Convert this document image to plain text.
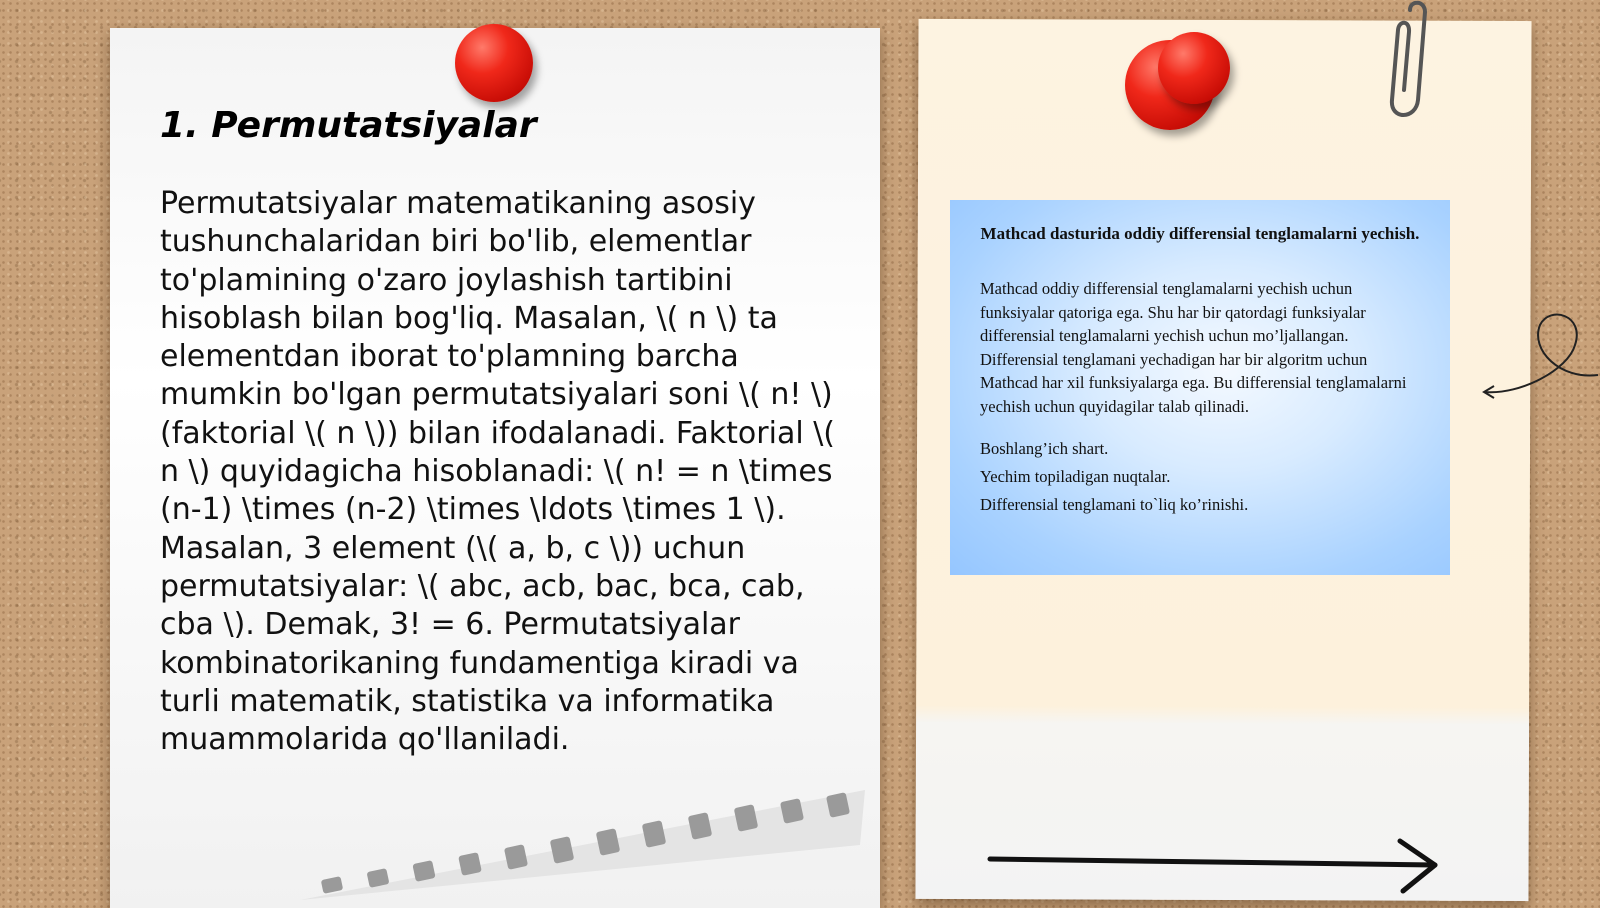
1. Permutatsiyalar

Permutatsiyalar matematikaning asosiy tushunchalaridan biri bo'lib, elementlar to'plamining o'zaro joylashish tartibini hisoblash bilan bog'liq. Masalan, \( n \) ta elementdan iborat to'plamning barcha mumkin bo'lgan permutatsiyalari soni \( n! \) (faktorial \( n \)) bilan ifodalanadi. Faktorial \( n \) quyidagicha hisoblanadi: \( n! = n \times (n-1) \times (n-2) \times \ldots \times 1 \). Masalan, 3 element (\( a, b, c \)) uchun permutatsiyalar: \( abc, acb, bac, bca, cab, cba \). Demak, 3! = 6. Permutatsiyalar kombinatorikaning fundamentiga kiradi va turli matematik, statistika va informatika muammolarida qo'llaniladi.

Mathcad dasturida oddiy differensial tenglamalarni yechish.

Mathcad oddiy differensial tenglamalarni yechish uchun funksiyalar qatoriga ega. Shu har bir qatordagi funksiyalar differensial tenglamalarni yechish uchun mo’ljallangan. Differensial tenglamani yechadigan har bir algoritm uchun Mathcad har xil funksiyalarga ega. Bu differensial tenglamalarni yechish uchun quyidagilar talab qilinadi.

Boshlang’ich shart.

Yechim topiladigan nuqtalar.

Differensial tenglamani to`liq ko’rinishi.
